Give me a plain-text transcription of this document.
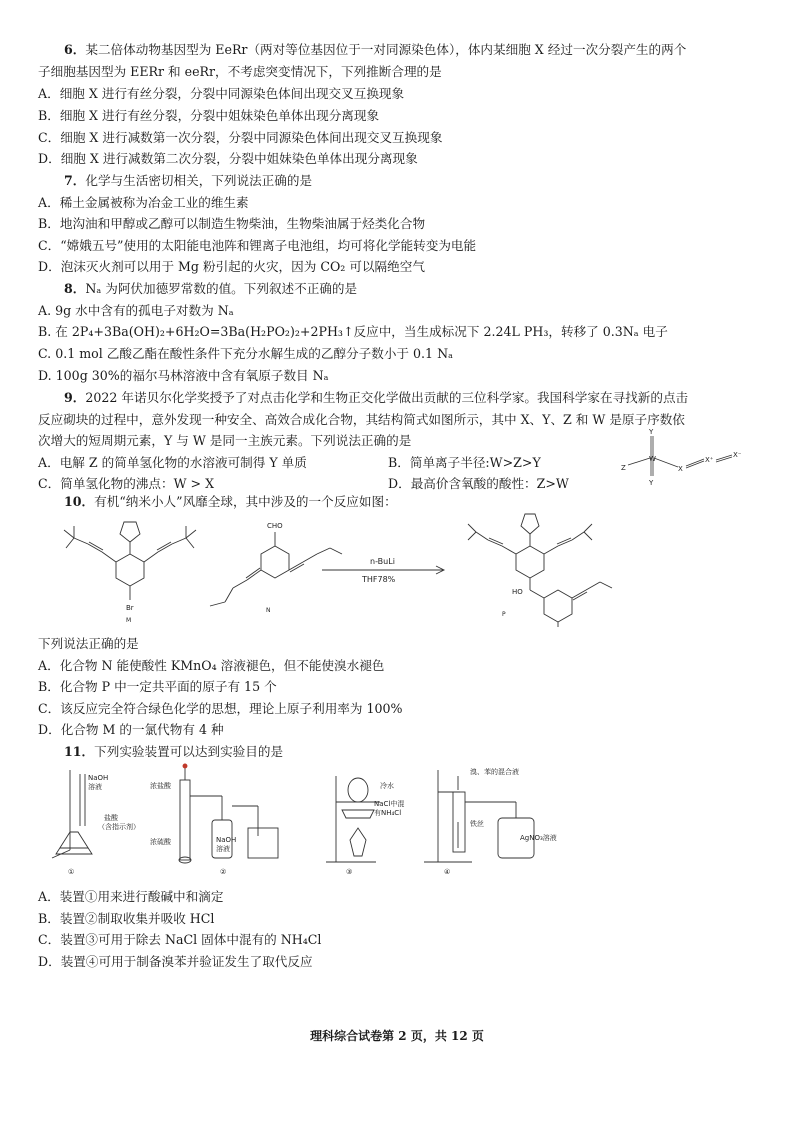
6．某二倍体动物基因型为 EeRr（两对等位基因位于一对同源染色体），体内某细胞 X 经过一次分裂产生的两个
子细胞基因型为 EERr 和 eeRr，不考虑突变情况下，下列推断合理的是
A．细胞 X 进行有丝分裂，分裂中同源染色体间出现交叉互换现象
B．细胞 X 进行有丝分裂，分裂中姐妹染色单体出现分离现象
C．细胞 X 进行减数第一次分裂，分裂中同源染色体间出现交叉互换现象
D．细胞 X 进行减数第二次分裂，分裂中姐妹染色单体出现分离现象
7．化学与生活密切相关，下列说法正确的是
A．稀土金属被称为冶金工业的维生素
B．地沟油和甲醇或乙醇可以制造生物柴油，生物柴油属于烃类化合物
C．“嫦娥五号”使用的太阳能电池阵和锂离子电池组，均可将化学能转变为电能
D．泡沫灭火剂可以用于 Mg 粉引起的火灾，因为 CO₂ 可以隔绝空气
8．Nₐ 为阿伏加德罗常数的值。下列叙述不正确的是
A. 9g 水中含有的孤电子对数为 Nₐ
B. 在 2P₄+3Ba(OH)₂+6H₂O=3Ba(H₂PO₂)₂+2PH₃↑反应中，当生成标况下 2.24L PH₃，转移了 0.3Nₐ 电子
C. 0.1 mol 乙酸乙酯在酸性条件下充分水解生成的乙醇分子数小于 0.1 Nₐ
D. 100g 30%的福尔马林溶液中含有氧原子数目 Nₐ
9．2022 年诺贝尔化学奖授予了对点击化学和生物正交化学做出贡献的三位科学家。我国科学家在寻找新的点击
反应砌块的过程中，意外发现一种安全、高效合成化合物，其结构简式如图所示，其中 X、Y、Z 和 W 是原子序数依
次增大的短周期元素，Y 与 W 是同一主族元素。下列说法正确的是
A．电解 Z 的简单氢化物的水溶液可制得 Y 单质	B．简单离子半径:W>Z>Y
C．简单氢化物的沸点：W > X	D．最高价含氧酸的酸性：Z>W
Y
W
Y
Z	X
X⁺
X⁻
10．有机“纳米小人”风靡全球，其中涉及的一个反应如图：
Br
M
CHO
N
n-BuLi
THF78%
HO
P
下列说法正确的是
A．化合物 N 能使酸性 KMnO₄ 溶液褪色，但不能使溴水褪色
B．化合物 P 中一定共平面的原子有 15 个
C．该反应完全符合绿色化学的思想，理论上原子利用率为 100%
D．化合物 M 的一氯代物有 4 种
11．下列实验装置可以达到实验目的是
NaOH
溶液
盐酸
（含指示剂）
①
浓盐酸
浓硫酸	NaOH
溶液
②
冷水
NaCl中混
有NH₄Cl
③
溴、苯的混合液
铁丝
AgNO₃溶液
④
A．装置①用来进行酸碱中和滴定
B．装置②制取收集并吸收 HCl
C．装置③可用于除去 NaCl 固体中混有的 NH₄Cl
D．装置④可用于制备溴苯并验证发生了取代反应
理科综合试卷第 2 页，共 12 页
